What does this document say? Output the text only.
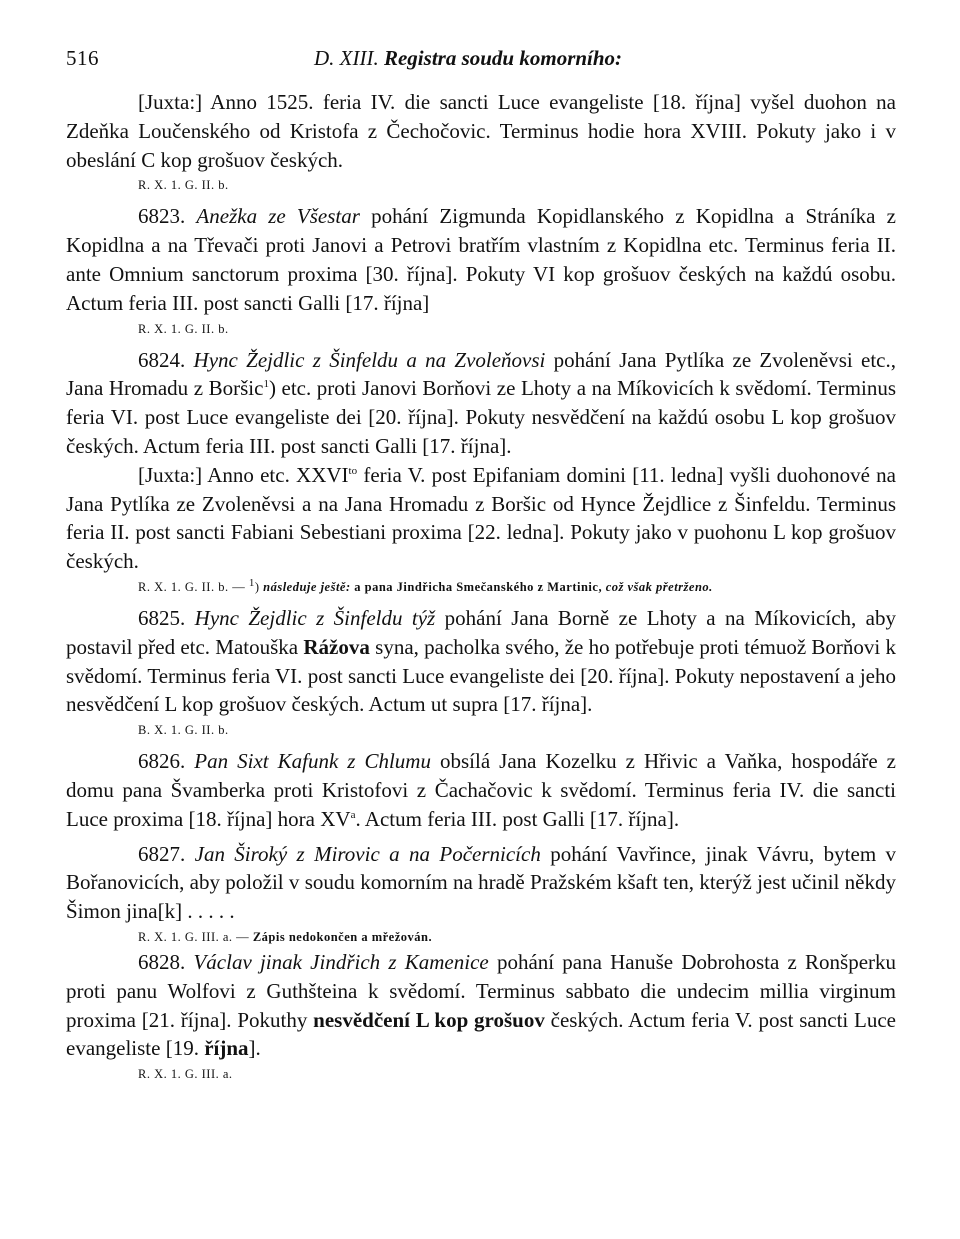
516	D. XIII. Registra soudu komorního:

[Juxta:] Anno 1525. feria IV. die sancti Luce evangeliste [18. října] vyšel duohon na Zdeňka Loučenského od Kristofa z Čechočovic. Terminus hodie hora XVIII. Pokuty jako i v obeslání C kop grošuov českých.

R. X. 1. G. II. b.

6823. Anežka ze Všestar pohání Zigmunda Kopidlanského z Kopidlna a Stráníka z Kopidlna a na Třevači proti Janovi a Petrovi bratřím vlastním z Kopidlna etc. Terminus feria II. ante Omnium sanctorum proxima [30. října]. Pokuty VI kop grošuov českých na každú osobu. Actum feria III. post sancti Galli [17. října]

R. X. 1. G. II. b.

6824. Hync Žejdlic z Šinfeldu a na Zvoleňovsi pohání Jana Pytlíka ze Zvoleněvsi etc., Jana Hromadu z Boršic$^1$) etc. proti Janovi Borňovi ze Lhoty a na Míkovicích k svědomí. Terminus feria VI. post Luce evangeliste dei [20. října]. Pokuty nesvědčení na každú osobu L kop grošuov českých. Actum feria III. post sancti Galli [17. října].

[Juxta:] Anno etc. $XXVI^{to}$ feria V. post Epifaniam domini [11. ledna] vyšli duohonové na Jana Pytlíka ze Zvoleněvsi a na Jana Hromadu z Boršic od Hynce Žejdlice z Šinfeldu. Terminus feria II. post sancti Fabiani Sebestiani proxima [22. ledna]. Pokuty jako v puohonu L kop grošuov českých.

R. X. 1. G. II. b. — $^1$) následuje ještě: a pana Jindřicha Smečanského z Martinic, což však přetrženo.

6825. Hync Žejdlic z Šinfeldu týž pohání Jana Borně ze Lhoty a na Míkovicích, aby postavil před etc. Matouška Rážova syna, pacholka svého, že ho potřebuje proti témuož Borňovi k svědomí. Terminus feria VI. post sancti Luce evangeliste dei [20. října]. Pokuty nepostavení a jeho nesvědčení L kop grošuov českých. Actum ut supra [17. října].

B. X. 1. G. II. b.

6826. Pan Sixt Kafunk z Chlumu obsílá Jana Kozelku z Hřivic a Vaňka, hospodáře z domu pana Švamberka proti Kristofovi z Čachačovic k svědomí. Terminus feria IV. die sancti Luce proxima [18. října] hora $XV^a$. Actum feria III. post Galli [17. října].

6827. Jan Široký z Mirovic a na Počernicích pohání Vavřince, jinak Vávru, bytem v Bořanovicích, aby položil v soudu komorním na hradě Pražském kšaft ten, kterýž jest učinil někdy Šimon jina[k] . . . . .

R. X. 1. G. III. a. — Zápis nedokončen a mřežován.

6828. Václav jinak Jindřich z Kamenice pohání pana Hanuše Dobrohosta z Ronšperku proti panu Wolfovi z Guthšteina k svědomí. Terminus sabbato die undecim millia virginum proxima [21. října]. Pokuthy nesvědčení L kop grošuov českých. Actum feria V. post sancti Luce evangeliste [19. října].

R. X. 1. G. III. a.
